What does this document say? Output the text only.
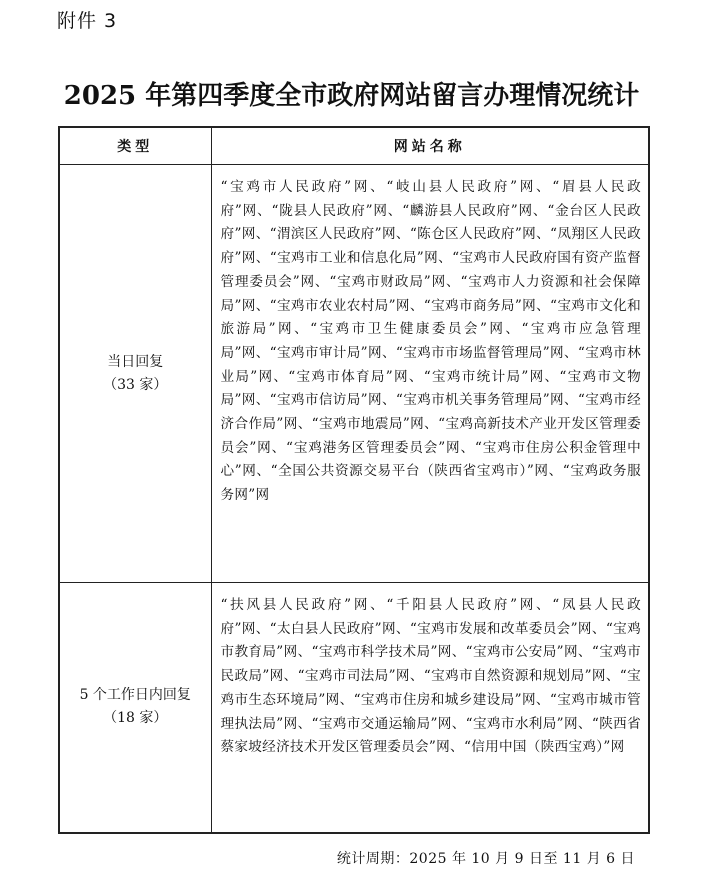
附件 3
2025 年第四季度全市政府网站留言办理情况统计
类型	网站名称

当日回复
（33 家）	“宝鸡市人民政府”网、“岐山县人民政府”网、“眉县人民政府”网、“陇县人民政府”网、“麟游县人民政府”网、“金台区人民政府”网、“渭滨区人民政府”网、“陈仓区人民政府”网、“凤翔区人民政府”网、“宝鸡市工业和信息化局”网、“宝鸡市人民政府国有资产监督管理委员会”网、“宝鸡市财政局”网、“宝鸡市人力资源和社会保障局”网、“宝鸡市农业农村局”网、“宝鸡市商务局”网、“宝鸡市文化和旅游局”网、“宝鸡市卫生健康委员会”网、“宝鸡市应急管理局”网、“宝鸡市审计局”网、“宝鸡市市场监督管理局”网、“宝鸡市林业局”网、“宝鸡市体育局”网、“宝鸡市统计局”网、“宝鸡市文物局”网、“宝鸡市信访局”网、“宝鸡市机关事务管理局”网、“宝鸡市经济合作局”网、“宝鸡市地震局”网、“宝鸡高新技术产业开发区管理委员会”网、“宝鸡港务区管理委员会”网、“宝鸡市住房公积金管理中心”网、“全国公共资源交易平台（陕西省宝鸡市）”网、“宝鸡政务服务网”网

5 个工作日内回复
（18 家）	“扶风县人民政府”网、“千阳县人民政府”网、“凤县人民政府”网、“太白县人民政府”网、“宝鸡市发展和改革委员会”网、“宝鸡市教育局”网、“宝鸡市科学技术局”网、“宝鸡市公安局”网、“宝鸡市民政局”网、“宝鸡市司法局”网、“宝鸡市自然资源和规划局”网、“宝鸡市生态环境局”网、“宝鸡市住房和城乡建设局”网、“宝鸡市城市管理执法局”网、“宝鸡市交通运输局”网、“宝鸡市水利局”网、“陕西省蔡家坡经济技术开发区管理委员会”网、“信用中国（陕西宝鸡）”网
统计周期：2025 年 10 月 9 日至 11 月 6 日
